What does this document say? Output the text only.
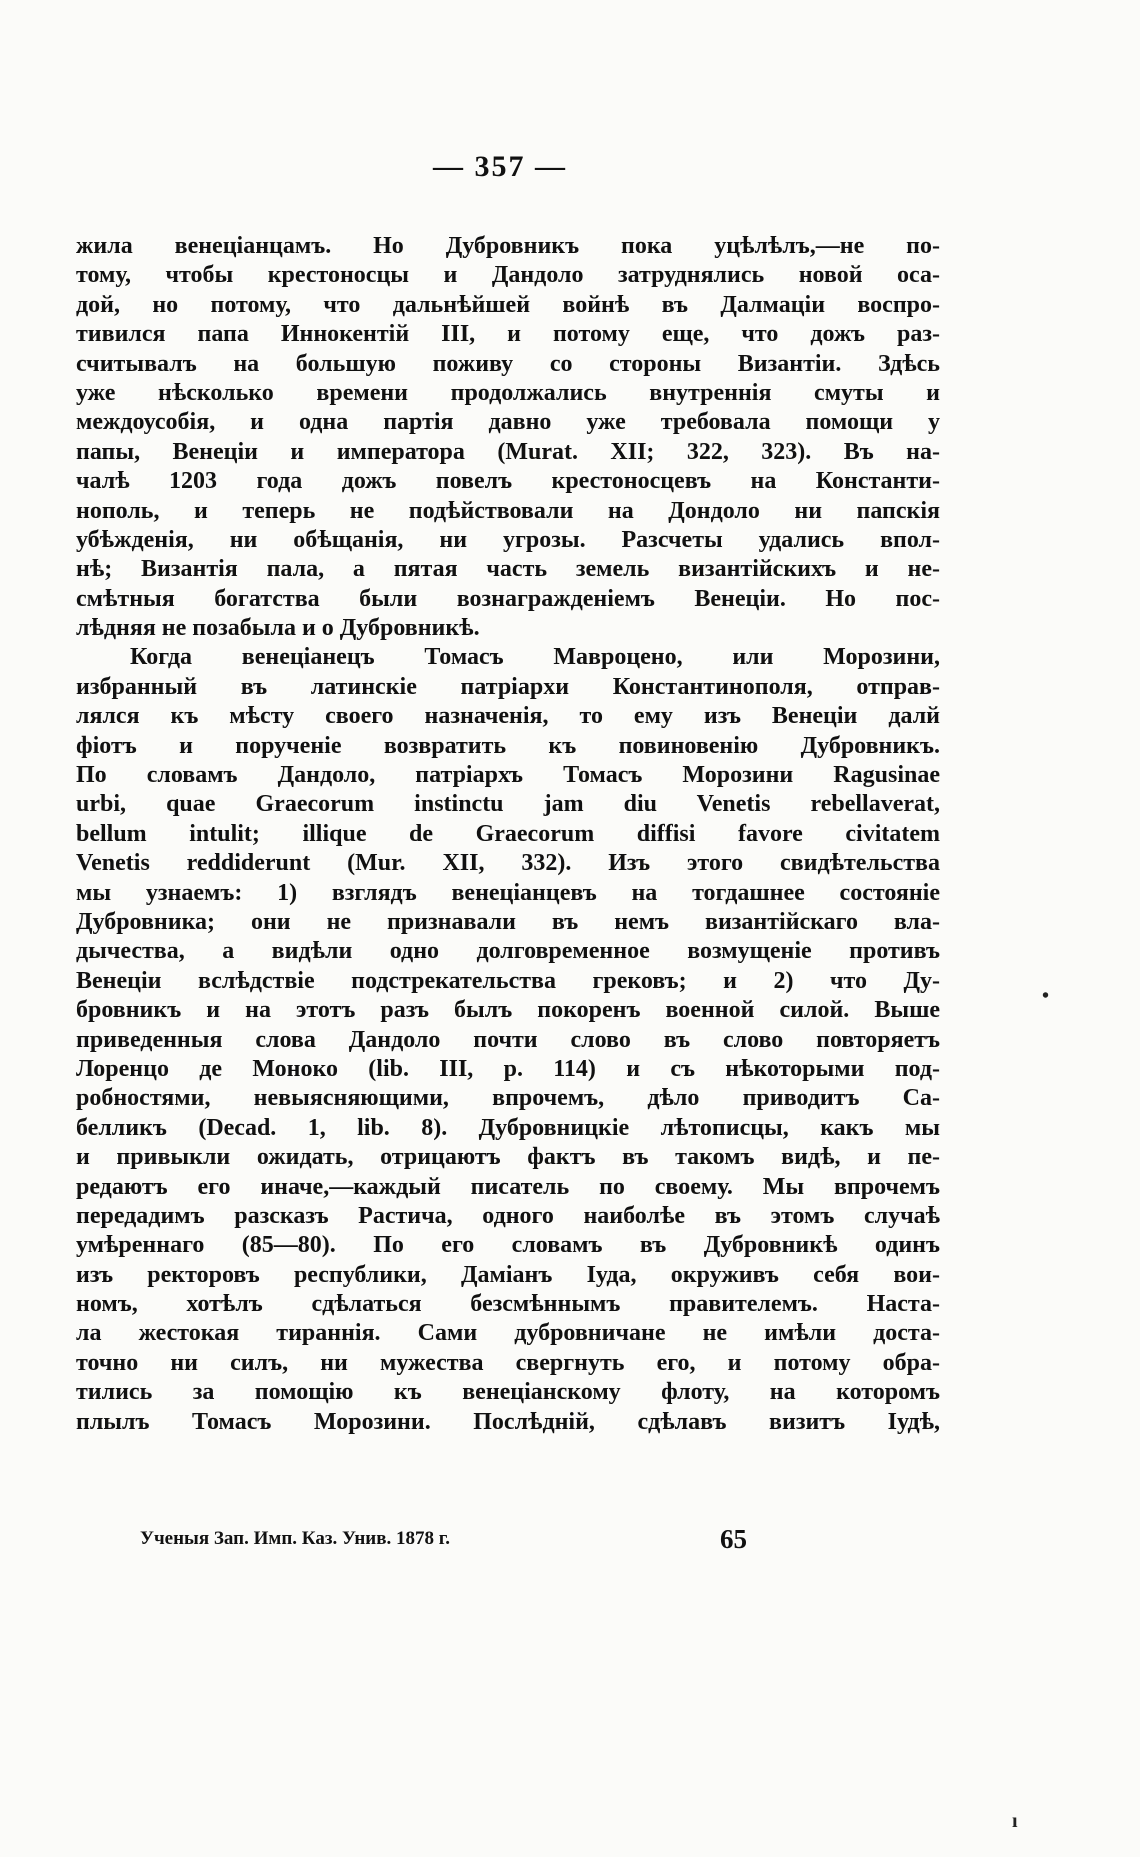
— 357 —
жила венеціанцамъ. Но Дубровникъ пока уцѣлѣлъ,—не по-
тому, чтобы крестоносцы и Дандоло затруднялись новой оса-
дой, но потому, что дальнѣйшей войнѣ въ Далмаціи воспро-
тивился папа Иннокентій III, и потому еще, что дожъ раз-
считывалъ на большую поживу со стороны Византіи. Здѣсь
уже нѣсколько времени продолжались внутреннія смуты и
междоусобія, и одна партія давно уже требовала помощи у
папы, Венеціи и императора (Murat. XII; 322, 323). Въ на-
чалѣ 1203 года дожъ повелъ крестоносцевъ на Константи-
нополь, и теперь не подѣйствовали на Дондоло ни папскія
убѣжденія, ни обѣщанія, ни угрозы. Разсчеты удались впол-
нѣ; Византія пала, а пятая часть земель византійскихъ и не-
смѣтныя богатства были вознагражденіемъ Венеціи. Но пос-
лѣдняя не позабыла и о Дубровникѣ.
Когда венеціанецъ Томасъ Мавроцено, или Морозини,
избранный въ латинскіе патріархи Константинополя, отправ-
лялся къ мѣсту своего назначенія, то ему изъ Венеціи далй
фіотъ и порученіе возвратить къ повиновенію Дубровникъ.
По словамъ Дандоло, патріархъ Томасъ Морозини Ragusinae
urbi, quae Graecorum instinctu jam diu Venetis rebellaverat,
bellum intulit; illique de Graecorum diffisi favore civitatem
Venetis reddiderunt (Mur. XII, 332). Изъ этого свидѣтельства
мы узнаемъ: 1) взглядъ венеціанцевъ на тогдашнее состояніе
Дубровника; они не признавали въ немъ византійскаго вла-
дычества, а видѣли одно долговременное возмущеніе противъ
Венеціи вслѣдствіе подстрекательства грековъ; и 2) что Ду-
бровникъ и на этотъ разъ былъ покоренъ военной силой. Выше
приведенныя слова Дандоло почти слово въ слово повторяетъ
Лоренцо де Моноко (lib. III, p. 114) и съ нѣкоторыми под-
робностями, невыясняющими, впрочемъ, дѣло приводитъ Са-
белликъ (Decad. 1, lib. 8). Дубровницкіе лѣтописцы, какъ мы
и привыкли ожидать, отрицаютъ фактъ въ такомъ видѣ, и пе-
редаютъ его иначе,—каждый писатель по своему. Мы впрочемъ
передадимъ разсказъ Растича, одного наиболѣе въ этомъ случаѣ
умѣреннаго (85—80). По его словамъ въ Дубровникѣ одинъ
изъ ректоровъ республики, Даміанъ Іуда, окруживъ себя вои-
номъ, хотѣлъ сдѣлаться безсмѣннымъ правителемъ. Наста-
ла жестокая тираннія. Сами дубровничане не имѣли доста-
точно ни силъ, ни мужества свергнуть его, и потому обра-
тились за помощію къ венеціанскому флоту, на которомъ
плылъ Томасъ Морозини. Послѣдній, сдѣлавъ визитъ Іудѣ,
Ученыя Зап. Имп. Каз. Унив. 1878 г.	65
•
ı
